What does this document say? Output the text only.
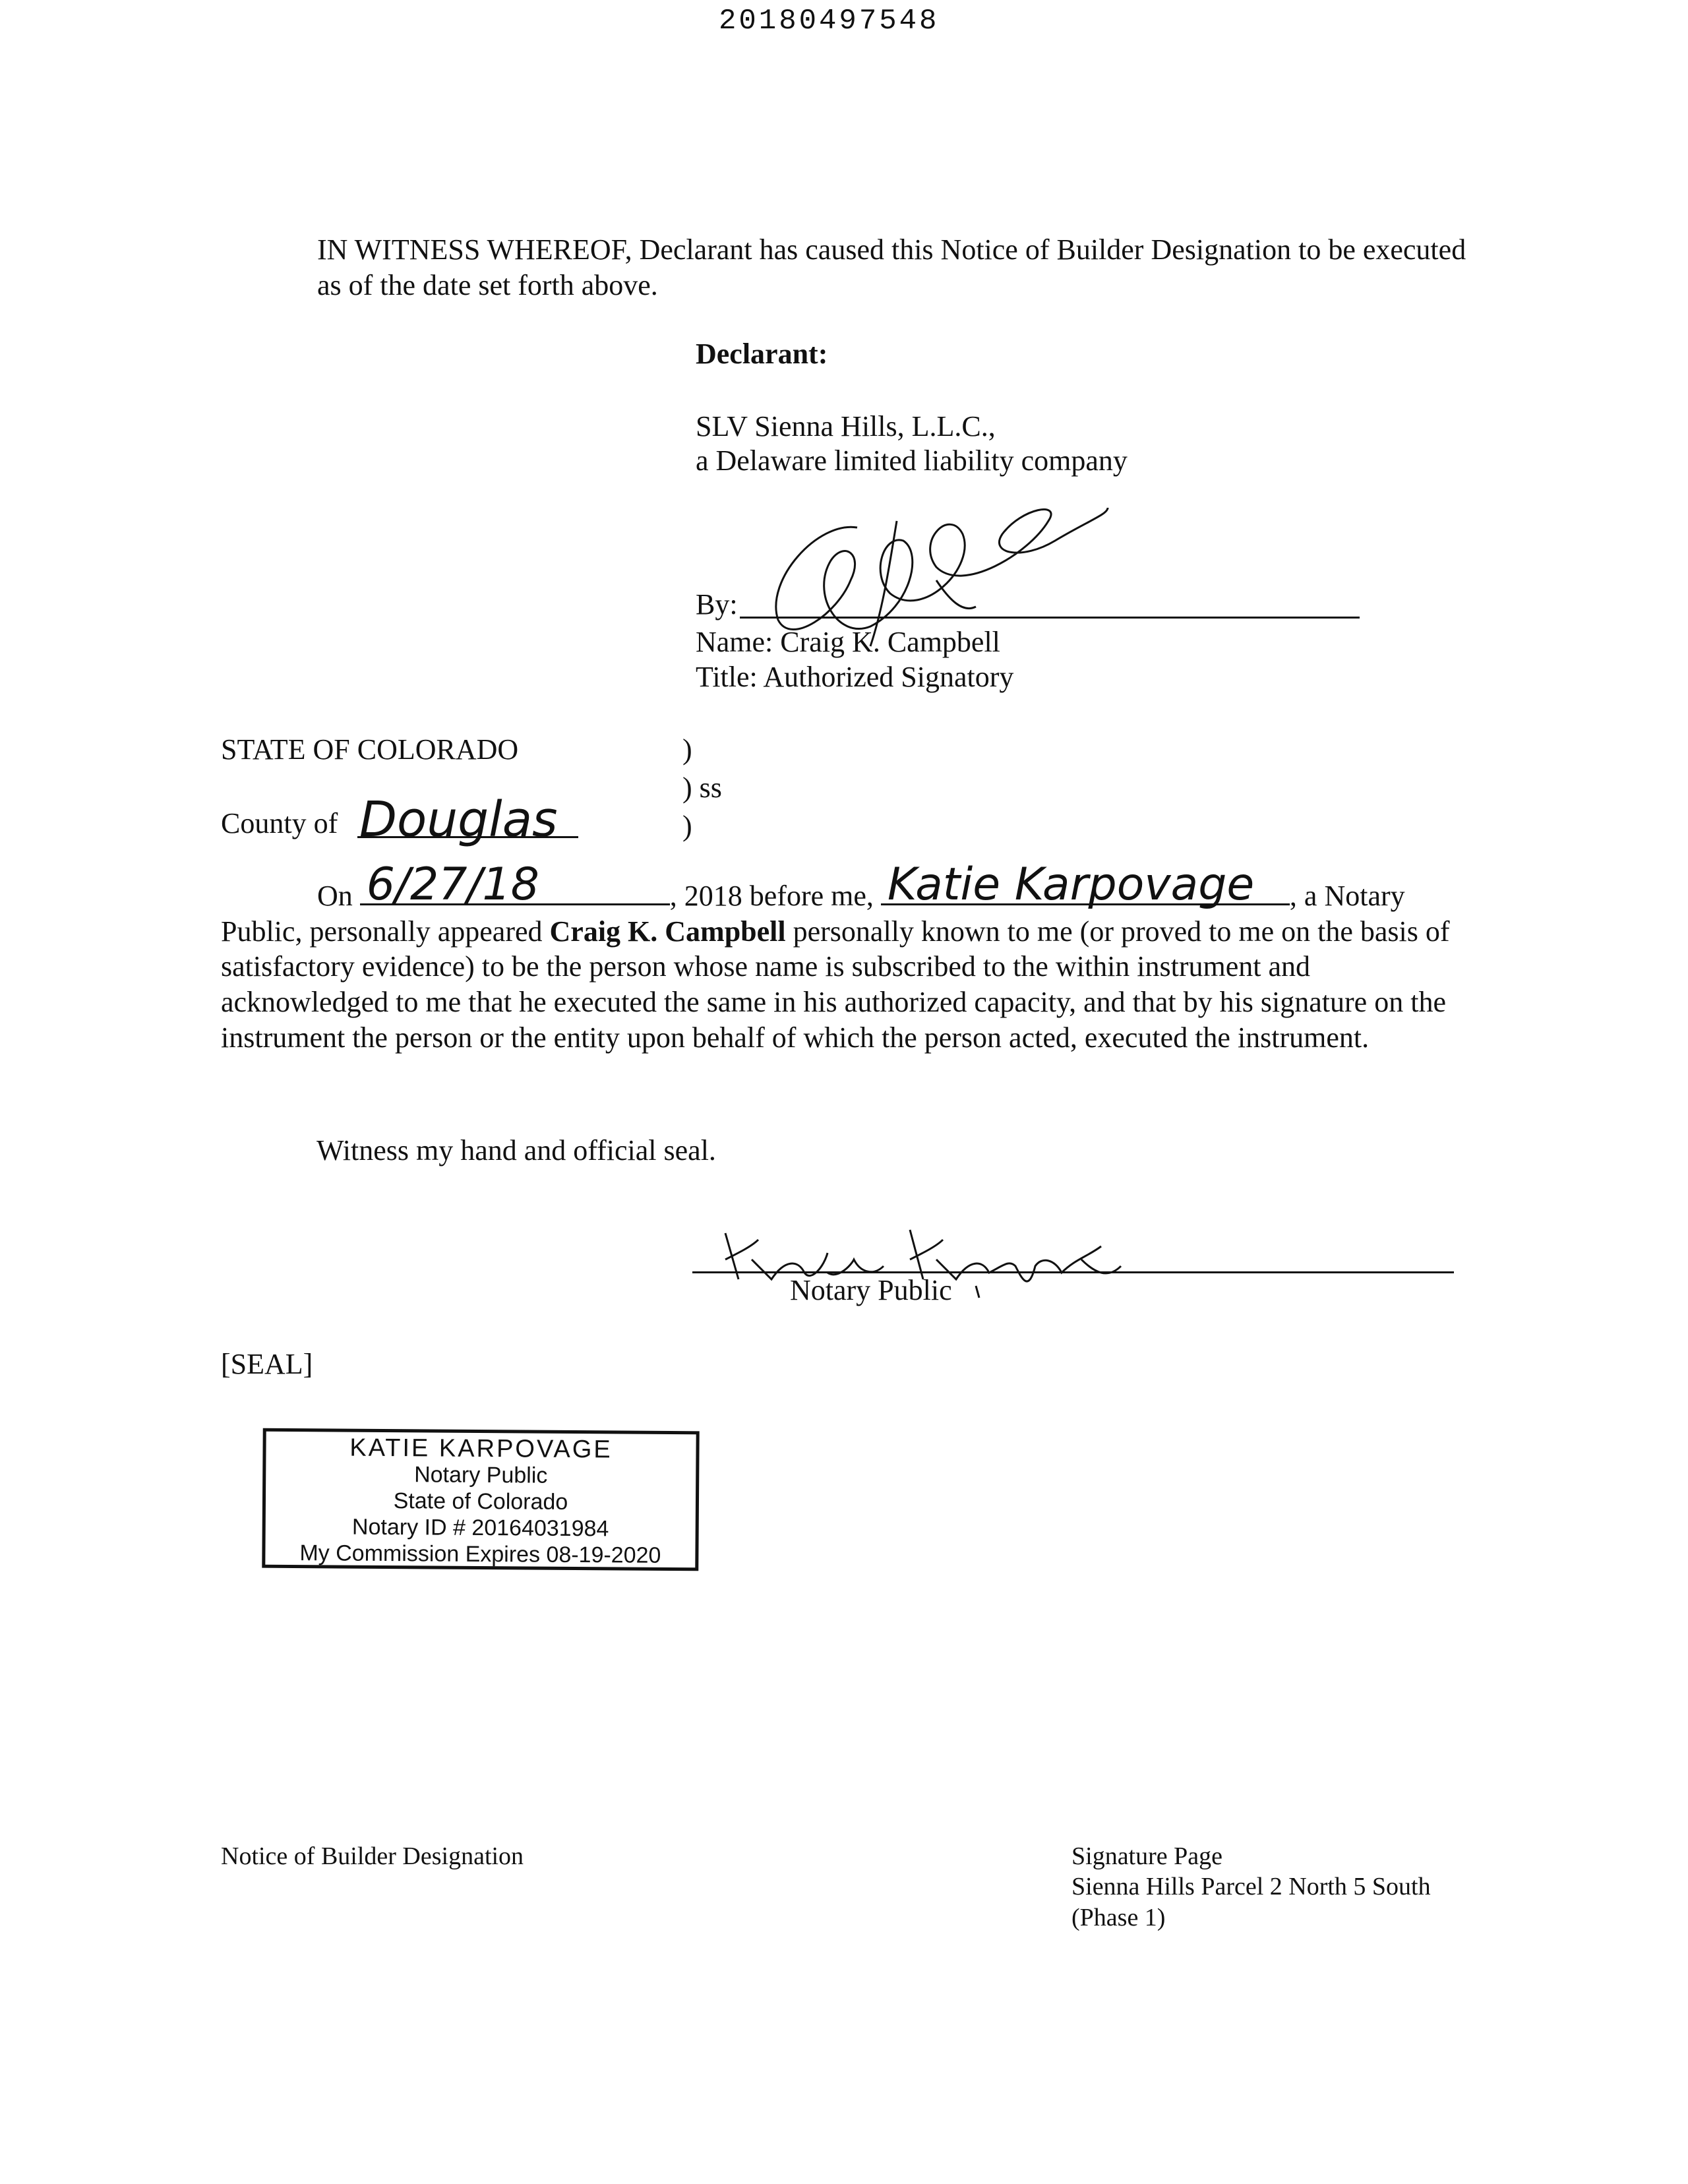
20180497548

IN WITNESS WHEREOF, Declarant has caused this Notice of Builder Designation to be executed as of the date set forth above.

Declarant:
SLV Sienna Hills, L.L.C.,
a Delaware limited liability company
By:
Name: Craig K. Campbell
Title: Authorized Signatory
STATE OF COLORADO	)
) ss
)
County of Douglas

On 6/27/18	, 2018 before me, Katie Karpovage , a Notary Public, personally appeared Craig K. Campbell personally known to me (or proved to me on the basis of satisfactory evidence) to be the person whose name is subscribed to the within instrument and acknowledged to me that he executed the same in his authorized capacity, and that by his signature on the instrument the person or the entity upon behalf of which the person acted, executed the instrument.

Witness my hand and official seal.
Notary Public
[SEAL]
KATIE KARPOVAGE
Notary Public
State of Colorado
Notary ID # 20164031984
My Commission Expires 08-19-2020
Notice of Builder Designation	Signature Page
Sienna Hills Parcel 2 North 5 South
(Phase 1)
